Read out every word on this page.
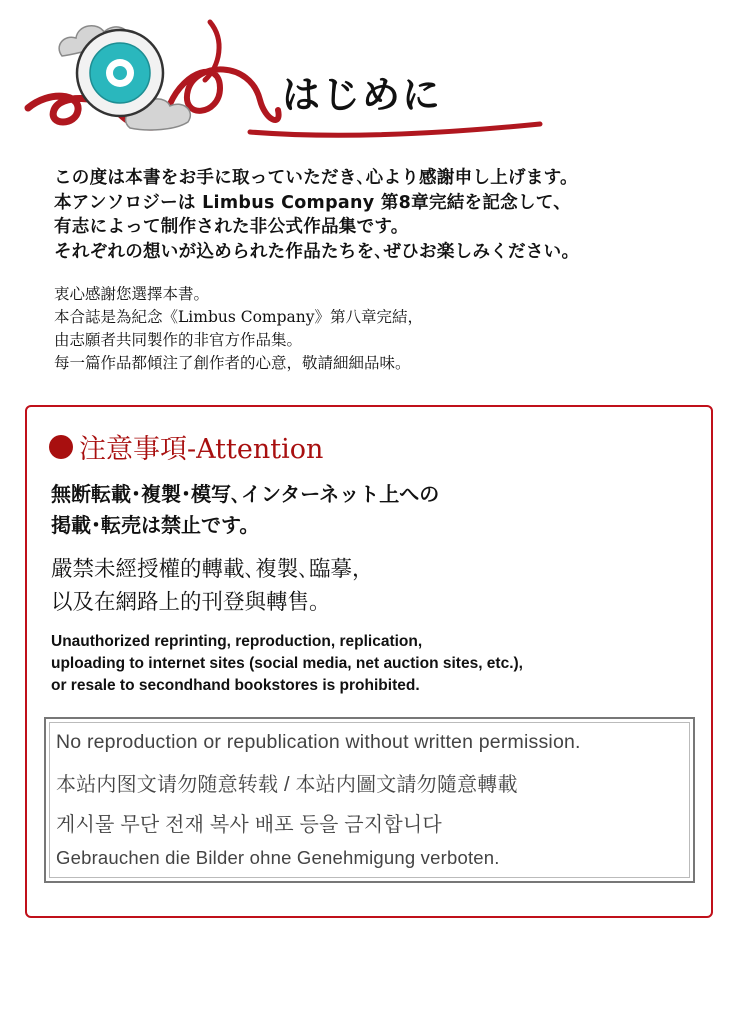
はじめに
この度は本書をお手に取っていただき､心より感謝申し上げます。
本アンソロジーは Limbus Company 第8章完結を記念して、
有志によって制作された非公式作品集です。
それぞれの想いが込められた作品たちを､ぜひお楽しみください。
衷心感謝您選擇本書。
本合誌是為紀念《Limbus Company》第八章完結，
由志願者共同製作的非官方作品集。
每一篇作品都傾注了創作者的心意，敬請細細品味。
注意事項-Attention
無断転載･複製･模写､インターネット上への
掲載･転売は禁止です。
嚴禁未經授權的轉載､複製､臨摹，
以及在網路上的刊登與轉售。
Unauthorized reprinting, reproduction, replication,
uploading to internet sites (social media, net auction sites, etc.),
or resale to secondhand bookstores is prohibited.
No reproduction or republication without written permission.
本站内图文请勿随意转载 / 本站内圖文請勿隨意轉載
게시물 무단 전재 복사 배포 등을 금지합니다
Gebrauchen die Bilder ohne Genehmigung verboten.
